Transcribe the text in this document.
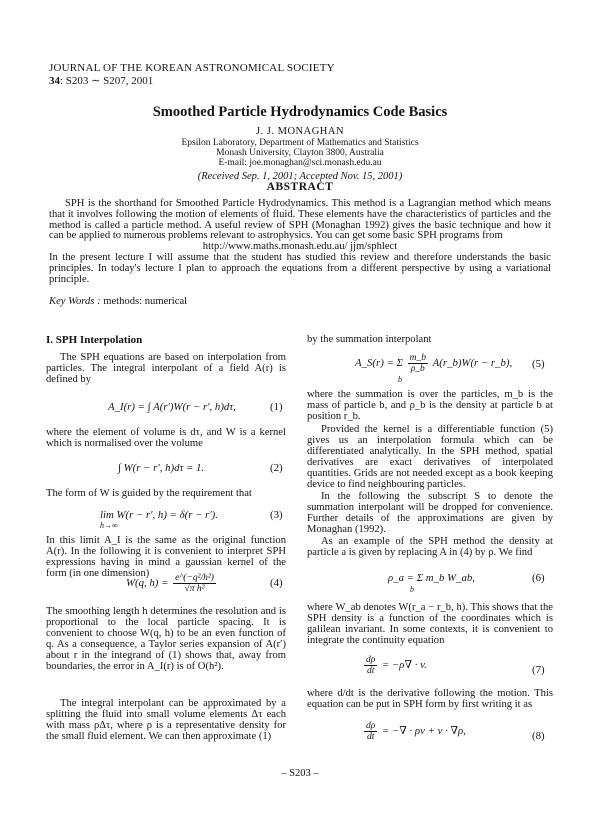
JOURNAL OF THE KOREAN ASTRONOMICAL SOCIETY
34: S203 ∼ S207, 2001
Smoothed Particle Hydrodynamics Code Basics
J. J. MONAGHAN
Epsilon Laboratory, Department of Mathematics and Statistics
Monash University, Clayton 3800, Australia
E-mail: joe.monaghan@sci.monash.edu.au
(Received Sep. 1, 2001; Accepted Nov. 15, 2001)
ABSTRACT

SPH is the shorthand for Smoothed Particle Hydrodynamics. This method is a Lagrangian method which means that it involves following the motion of elements of fluid. These elements have the characteristics of particles and the method is called a particle method. A useful review of SPH (Monaghan 1992) gives the basic technique and how it can be applied to numerous problems relevant to astrophysics. You can get some basic SPH programs from

http://www.maths.monash.edu.au/ jjm/sphlect

In the present lecture I will assume that the student has studied this review and therefore understands the basic principles. In today's lecture I plan to approach the equations from a different perspective by using a variational principle.

Key Words : methods: numerical
I. SPH Interpolation

The SPH equations are based on interpolation from particles. The integral interpolant of a field A(r) is defined by

A_I(r) = ∫ A(r′)W(r − r′, h)dτ,	(1)

where the element of volume is dτ, and W is a kernel which is normalised over the volume

∫ W(r − r′, h)dτ = 1.	(2)

The form of W is guided by the requirement that

lim W(r − r′, h) = δ(r − r′).
h→∞
(3)

In this limit A_I is the same as the original function A(r). In the following it is convenient to interpret SPH expressions having in mind a gaussian kernel of the form (in one dimension)

W(q, $h) = \frac{\text{e\textasciicircum{}(−q²/h²)}}{\text{√π h²}}$	(4)

The smoothing length h determines the resolution and is proportional to the local particle spacing. It is convenient to choose W(q, h) to be an even function of q. As a consequence, a Taylor series expansion of A(r′) about r in the integrand of (1) shows that, away from boundaries, the error in A_I(r) is of O(h²).

The integral interpolant can be approximated by a splitting the fluid into small volume elements Δτ each with mass ρΔτ, where ρ is a representative density for the small fluid element. We can then approximate (1)

by the summation interpolant

A_S(r) = Σ $\frac{m\_b}{\rho\_b}$ A(r_b)W(r − r_b),
b
(5)

where the summation is over the particles, m_b is the mass of particle b, and ρ_b is the density at particle b at position r_b.

Provided the kernel is a differentiable function (5) gives us an interpolation formula which can be differentiated analytically. In the SPH method, spatial derivatives are exact derivatives of interpolated quantities. Grids are not needed except as a book keeping device to find neighbouring particles.

In the following the subscript S to denote the summation interpolant will be dropped for convenience. Further details of the approximations are given by Monaghan (1992).

As an example of the SPH method the density at particle a is given by replacing A in (4) by ρ. We find

ρ_a = Σ m_b W_ab,
b
(6)

where W_ab denotes W(r_a − r_b, h). This shows that the SPH density is a function of the coordinates which is galilean invariant. In some contexts, it is convenient to integrate the continuity equation

$\frac{d\rho}{dt} = -\rho\nabla \cdot v$.	(7)

where d/dt is the derivative following the motion. This equation can be put in SPH form by first writing it as

$\frac{d\rho}{dt}$ = −∇ · ρv + v · ∇ρ,	(8)
– S203 –
